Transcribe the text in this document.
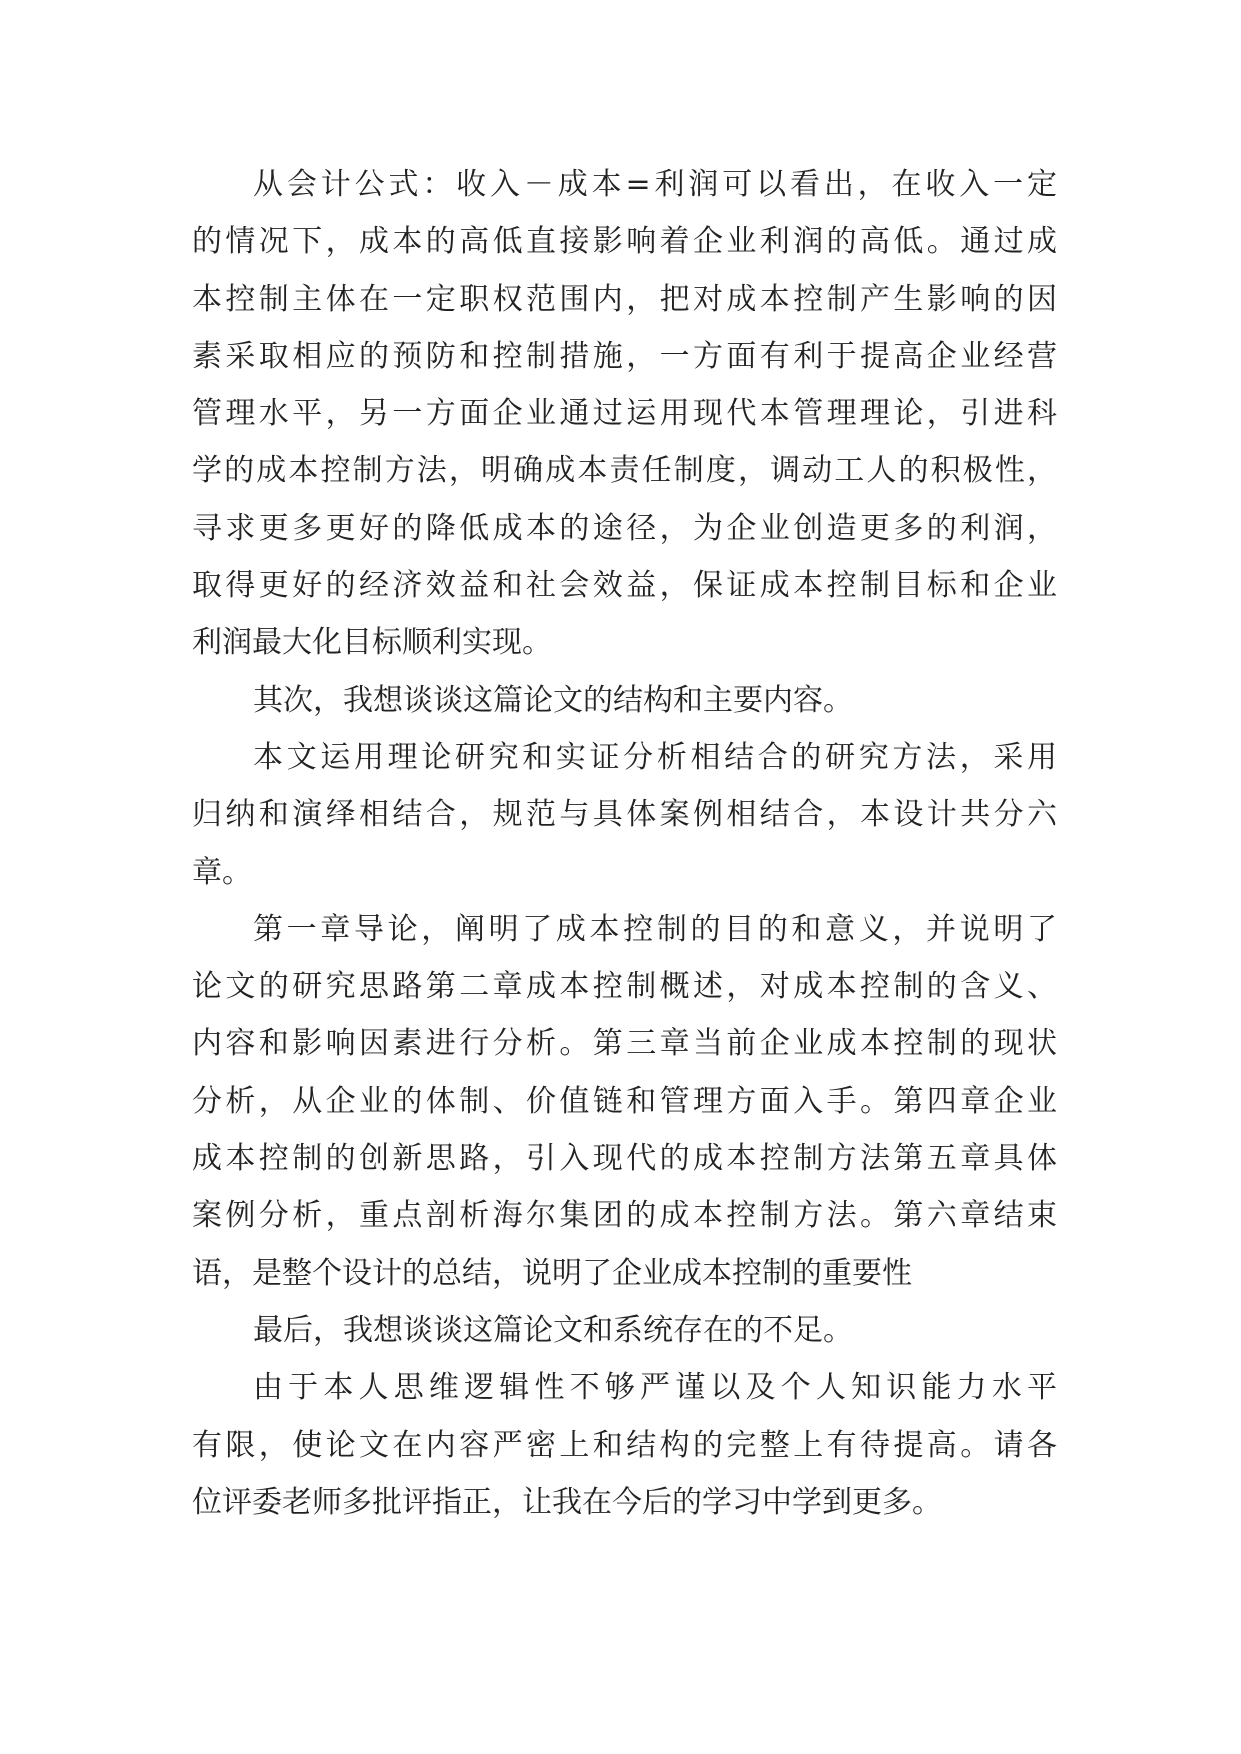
从会计公式：收入－成本=利润可以看出，在收入一定
的情况下，成本的高低直接影响着企业利润的高低。通过成
本控制主体在一定职权范围内，把对成本控制产生影响的因
素采取相应的预防和控制措施，一方面有利于提高企业经营
管理水平，另一方面企业通过运用现代本管理理论，引进科
学的成本控制方法，明确成本责任制度，调动工人的积极性，
寻求更多更好的降低成本的途径，为企业创造更多的利润，
取得更好的经济效益和社会效益，保证成本控制目标和企业
利润最大化目标顺利实现。
其次，我想谈谈这篇论文的结构和主要内容。
本文运用理论研究和实证分析相结合的研究方法，采用
归纳和演绎相结合，规范与具体案例相结合，本设计共分六
章。
第一章导论，阐明了成本控制的目的和意义，并说明了
论文的研究思路第二章成本控制概述，对成本控制的含义、
内容和影响因素进行分析。第三章当前企业成本控制的现状
分析，从企业的体制、价值链和管理方面入手。第四章企业
成本控制的创新思路，引入现代的成本控制方法第五章具体
案例分析，重点剖析海尔集团的成本控制方法。第六章结束
语，是整个设计的总结，说明了企业成本控制的重要性
最后，我想谈谈这篇论文和系统存在的不足。
由于本人思维逻辑性不够严谨以及个人知识能力水平
有限，使论文在内容严密上和结构的完整上有待提高。请各
位评委老师多批评指正，让我在今后的学习中学到更多。
